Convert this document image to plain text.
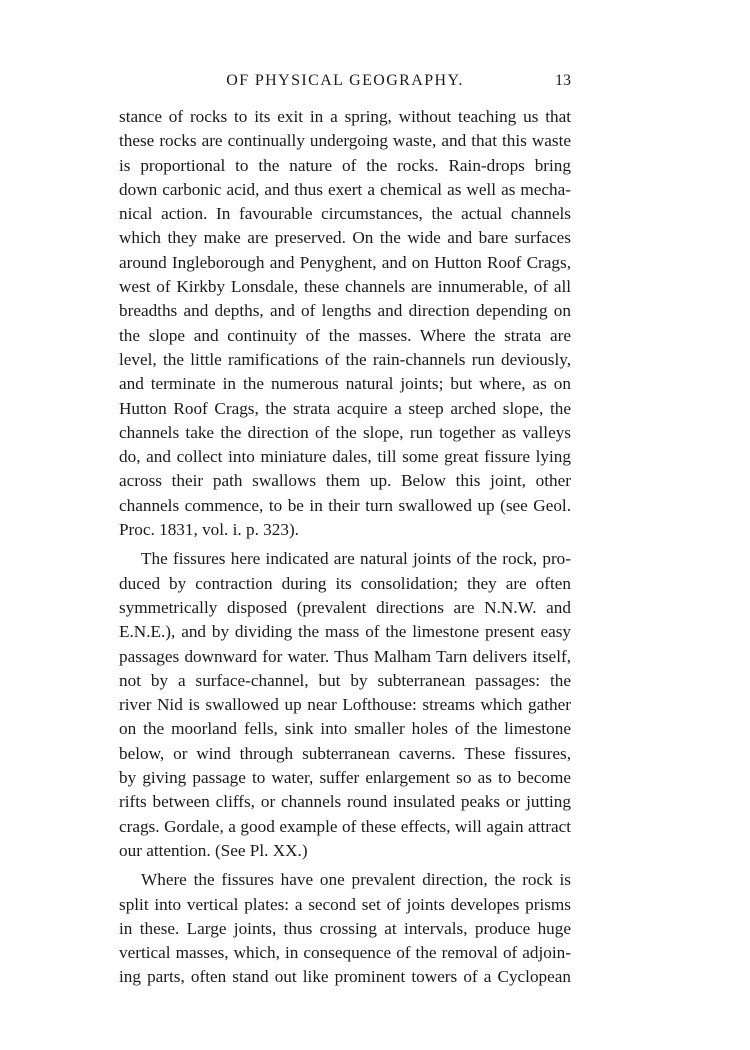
OF PHYSICAL GEOGRAPHY.	13
stance of rocks to its exit in a spring, without teaching us that
these rocks are continually undergoing waste, and that this waste
is proportional to the nature of the rocks. Rain-drops bring
down carbonic acid, and thus exert a chemical as well as mecha-
nical action. In favourable circumstances, the actual channels
which they make are preserved. On the wide and bare surfaces
around Ingleborough and Penyghent, and on Hutton Roof Crags,
west of Kirkby Lonsdale, these channels are innumerable, of all
breadths and depths, and of lengths and direction depending on
the slope and continuity of the masses. Where the strata are
level, the little ramifications of the rain-channels run deviously,
and terminate in the numerous natural joints; but where, as on
Hutton Roof Crags, the strata acquire a steep arched slope, the
channels take the direction of the slope, run together as valleys
do, and collect into miniature dales, till some great fissure lying
across their path swallows them up. Below this joint, other
channels commence, to be in their turn swallowed up (see Geol.
Proc. 1831, vol. i. p. 323).
The fissures here indicated are natural joints of the rock, pro-
duced by contraction during its consolidation; they are often
symmetrically disposed (prevalent directions are N.N.W. and
E.N.E.), and by dividing the mass of the limestone present easy
passages downward for water. Thus Malham Tarn delivers itself,
not by a surface-channel, but by subterranean passages: the
river Nid is swallowed up near Lofthouse: streams which gather
on the moorland fells, sink into smaller holes of the limestone
below, or wind through subterranean caverns. These fissures,
by giving passage to water, suffer enlargement so as to become
rifts between cliffs, or channels round insulated peaks or jutting
crags. Gordale, a good example of these effects, will again attract
our attention. (See Pl. XX.)
Where the fissures have one prevalent direction, the rock is
split into vertical plates: a second set of joints developes prisms
in these. Large joints, thus crossing at intervals, produce huge
vertical masses, which, in consequence of the removal of adjoin-
ing parts, often stand out like prominent towers of a Cyclopean
